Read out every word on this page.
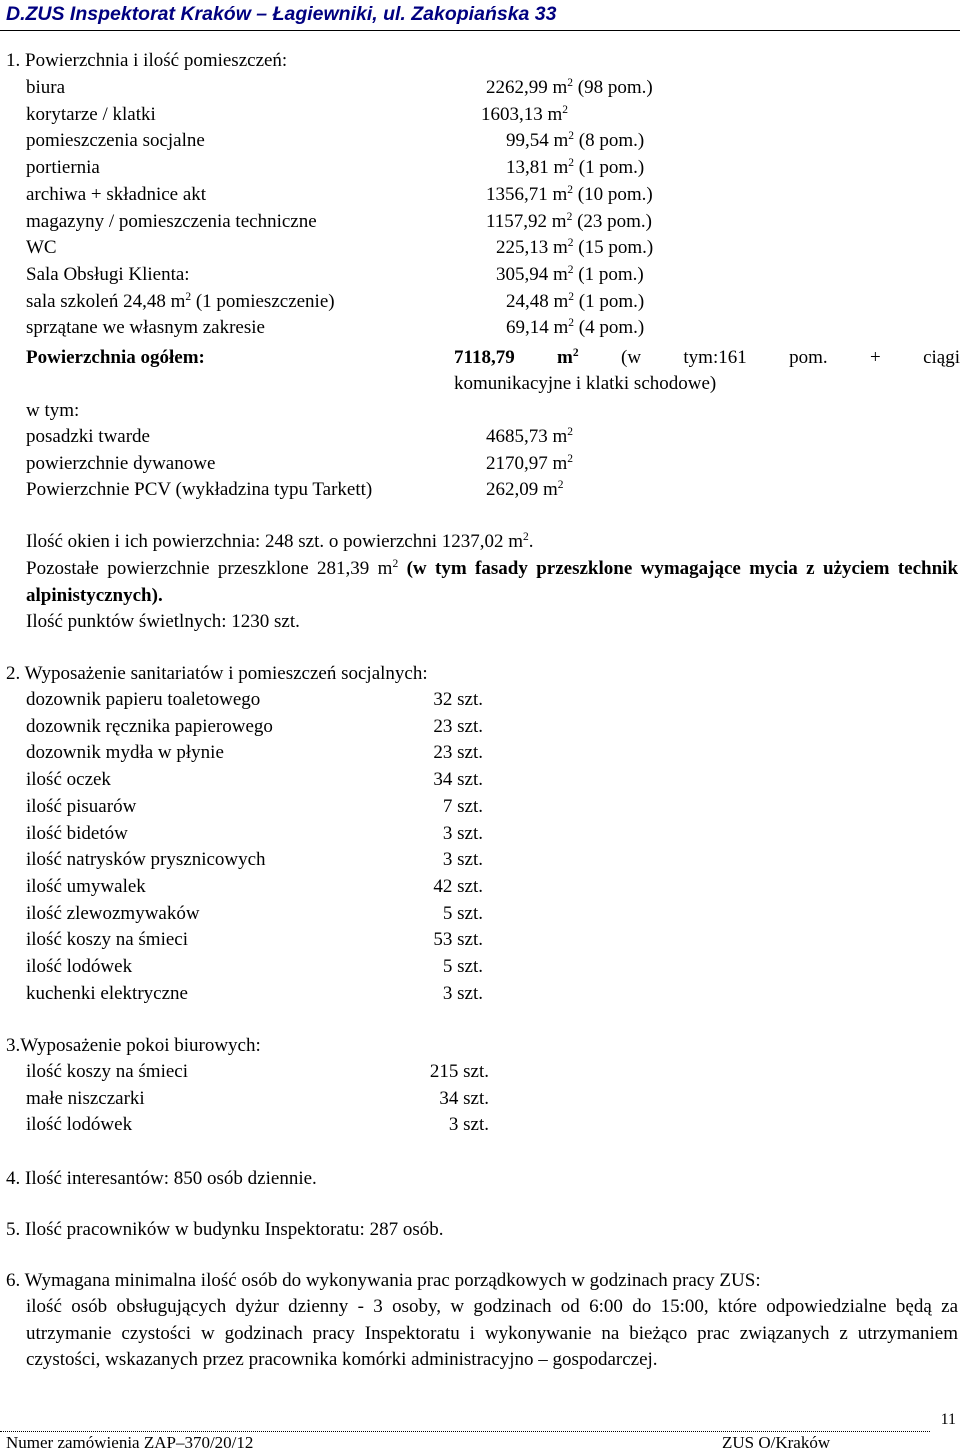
D.ZUS Inspektorat Kraków – Łagiewniki, ul. Zakopiańska 33
1. Powierzchnia i ilość pomieszczeń:
biura	2262,99 $m^2$ (98 pom.)
korytarze / klatki	1603,13 $m^2$
pomieszczenia socjalne	99,54 $m^2$ (8 pom.)
portiernia	13,81 $m^2$ (1 pom.)
archiwa + składnice akt	1356,71 $m^2$ (10 pom.)
magazyny / pomieszczenia techniczne	1157,92 $m^2$ (23 pom.)
WC	225,13 $m^2$ (15 pom.)
Sala Obsługi Klienta:	305,94 $m^2$ (1 pom.)
sala szkoleń 24,48 $m^2$ (1 pomieszczenie)	24,48 $m^2$ (1 pom.)
sprzątane we własnym zakresie	69,14 $m^2$ (4 pom.)
Powierzchnia ogółem:	7118,79 $m^2$ (w tym:161 pom. + ciągi
komunikacyjne i klatki schodowe)
w tym:
posadzki twarde	4685,73 $m^2$
powierzchnie dywanowe	2170,97 $m^2$
Powierzchnie PCV (wykładzina typu Tarkett)	262,09 $m^2$
Ilość okien i ich powierzchnia: 248 szt. o powierzchni 1237,02 $m^2$.
Pozostałe powierzchnie przeszklone 281,39 $m^2$ (w tym fasady przeszklone wymagające mycia z użyciem technik alpinistycznych).
Ilość punktów świetlnych: 1230 szt.
2. Wyposażenie sanitariatów i pomieszczeń socjalnych:
dozownik papieru toaletowego	32 szt.
dozownik ręcznika papierowego	23 szt.
dozownik mydła w płynie	23 szt.
ilość oczek	34 szt.
ilość pisuarów	7 szt.
ilość bidetów	3 szt.
ilość natrysków prysznicowych	3 szt.
ilość umywalek	42 szt.
ilość zlewozmywaków	5 szt.
ilość koszy na śmieci	53 szt.
ilość lodówek	5 szt.
kuchenki elektryczne	3 szt.
3.Wyposażenie pokoi biurowych:
ilość koszy na śmieci	215 szt.
małe niszczarki	34 szt.
ilość lodówek	3 szt.
4. Ilość interesantów: 850 osób dziennie.
5. Ilość pracowników w budynku Inspektoratu: 287 osób.
6. Wymagana minimalna ilość osób do wykonywania prac porządkowych w godzinach pracy ZUS:
ilość osób obsługujących dyżur dzienny - 3 osoby, w godzinach od 6:00 do 15:00, które odpowiedzialne będą za utrzymanie czystości w godzinach pracy Inspektoratu i wykonywanie na bieżąco prac związanych z utrzymaniem czystości, wskazanych przez pracownika komórki administracyjno – gospodarczej.
11
Numer zamówienia ZAP–370/20/12	ZUS O/Kraków
